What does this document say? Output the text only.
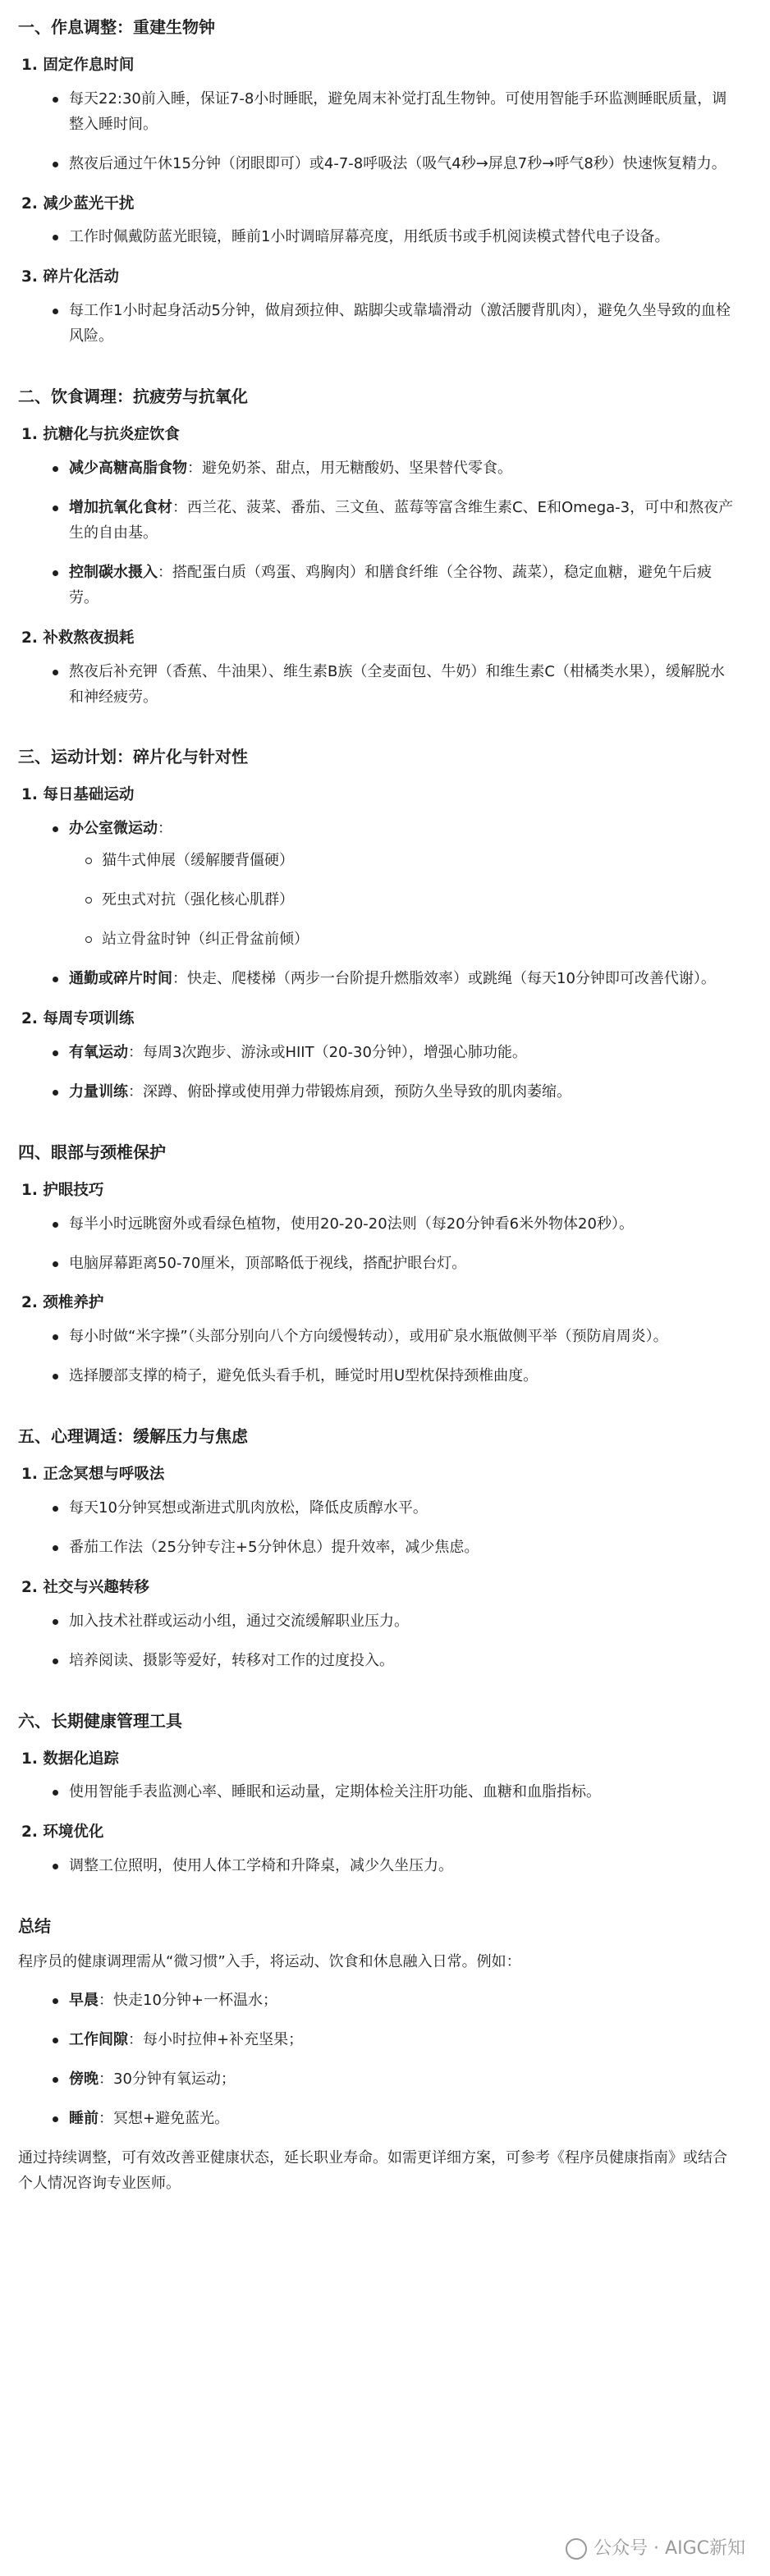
一、作息调整：重建生物钟
1. 固定作息时间
每天22:30前入睡，保证7-8小时睡眠，避免周末补觉打乱生物钟。可使用智能手环监测睡眠质量，调整入睡时间。
熬夜后通过午休15分钟（闭眼即可）或4-7-8呼吸法（吸气4秒→屏息7秒→呼气8秒）快速恢复精力。
2. 减少蓝光干扰
工作时佩戴防蓝光眼镜，睡前1小时调暗屏幕亮度，用纸质书或手机阅读模式替代电子设备。
3. 碎片化活动
每工作1小时起身活动5分钟，做肩颈拉伸、踮脚尖或靠墙滑动（激活腰背肌肉），避免久坐导致的血栓风险。
二、饮食调理：抗疲劳与抗氧化
1. 抗糖化与抗炎症饮食
减少高糖高脂食物：避免奶茶、甜点，用无糖酸奶、坚果替代零食。
增加抗氧化食材：西兰花、菠菜、番茄、三文鱼、蓝莓等富含维生素C、E和Omega-3，可中和熬夜产生的自由基。
控制碳水摄入：搭配蛋白质（鸡蛋、鸡胸肉）和膳食纤维（全谷物、蔬菜），稳定血糖，避免午后疲劳。
2. 补救熬夜损耗
熬夜后补充钾（香蕉、牛油果）、维生素B族（全麦面包、牛奶）和维生素C（柑橘类水果），缓解脱水和神经疲劳。
三、运动计划：碎片化与针对性
1. 每日基础运动
办公室微运动：
猫牛式伸展（缓解腰背僵硬）
死虫式对抗（强化核心肌群）
站立骨盆时钟（纠正骨盆前倾）
通勤或碎片时间：快走、爬楼梯（两步一台阶提升燃脂效率）或跳绳（每天10分钟即可改善代谢）。
2. 每周专项训练
有氧运动：每周3次跑步、游泳或HIIT（20-30分钟），增强心肺功能。
力量训练：深蹲、俯卧撑或使用弹力带锻炼肩颈，预防久坐导致的肌肉萎缩。
四、眼部与颈椎保护
1. 护眼技巧
每半小时远眺窗外或看绿色植物，使用20-20-20法则（每20分钟看6米外物体20秒）。
电脑屏幕距离50-70厘米，顶部略低于视线，搭配护眼台灯。
2. 颈椎养护
每小时做“米字操”（头部分别向八个方向缓慢转动），或用矿泉水瓶做侧平举（预防肩周炎）。
选择腰部支撑的椅子，避免低头看手机，睡觉时用U型枕保持颈椎曲度。
五、心理调适：缓解压力与焦虑
1. 正念冥想与呼吸法
每天10分钟冥想或渐进式肌肉放松，降低皮质醇水平。
番茄工作法（25分钟专注+5分钟休息）提升效率，减少焦虑。
2. 社交与兴趣转移
加入技术社群或运动小组，通过交流缓解职业压力。
培养阅读、摄影等爱好，转移对工作的过度投入。
六、长期健康管理工具
1. 数据化追踪
使用智能手表监测心率、睡眠和运动量，定期体检关注肝功能、血糖和血脂指标。
2. 环境优化
调整工位照明，使用人体工学椅和升降桌，减少久坐压力。
总结

程序员的健康调理需从“微习惯”入手，将运动、饮食和休息融入日常。例如：

早晨：快走10分钟+一杯温水；
工作间隙：每小时拉伸+补充坚果；
傍晚：30分钟有氧运动；
睡前：冥想+避免蓝光。

通过持续调整，可有效改善亚健康状态，延长职业寿命。如需更详细方案，可参考《程序员健康指南》或结合个人情况咨询专业医师。

公众号 · AIGC新知
